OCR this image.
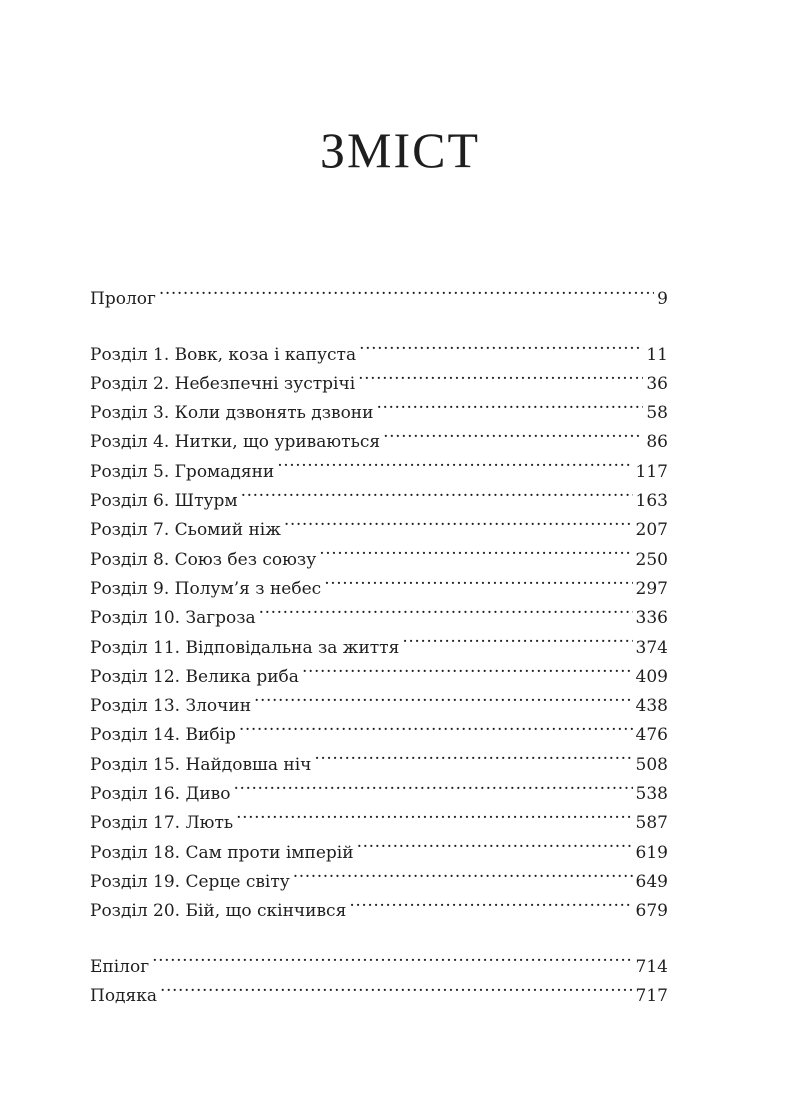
ЗМІСТ
Пролог .....	9
Розділ 1. Вовк, коза і капуста .....	11
Розділ 2. Небезпечні зустрічі .....	36
Розділ 3. Коли дзвонять дзвони .....	58
Розділ 4. Нитки, що уриваються .....	86
Розділ 5. Громадяни .....	117
Розділ 6. Штурм .....	163
Розділ 7. Сьомий ніж .....	207
Розділ 8. Союз без союзу .....	250
Розділ 9. Полум’я з небес .....	297
Розділ 10. Загроза .....	336
Розділ 11. Відповідальна за життя .....	374
Розділ 12. Велика риба .....	409
Розділ 13. Злочин .....	438
Розділ 14. Вибір .....	476
Розділ 15. Найдовша ніч .....	508
Розділ 16. Диво .....	538
Розділ 17. Лють .....	587
Розділ 18. Сам проти імперій .....	619
Розділ 19. Серце світу .....	649
Розділ 20. Бій, що скінчився .....	679
Епілог .....	714
Подяка .....	717
